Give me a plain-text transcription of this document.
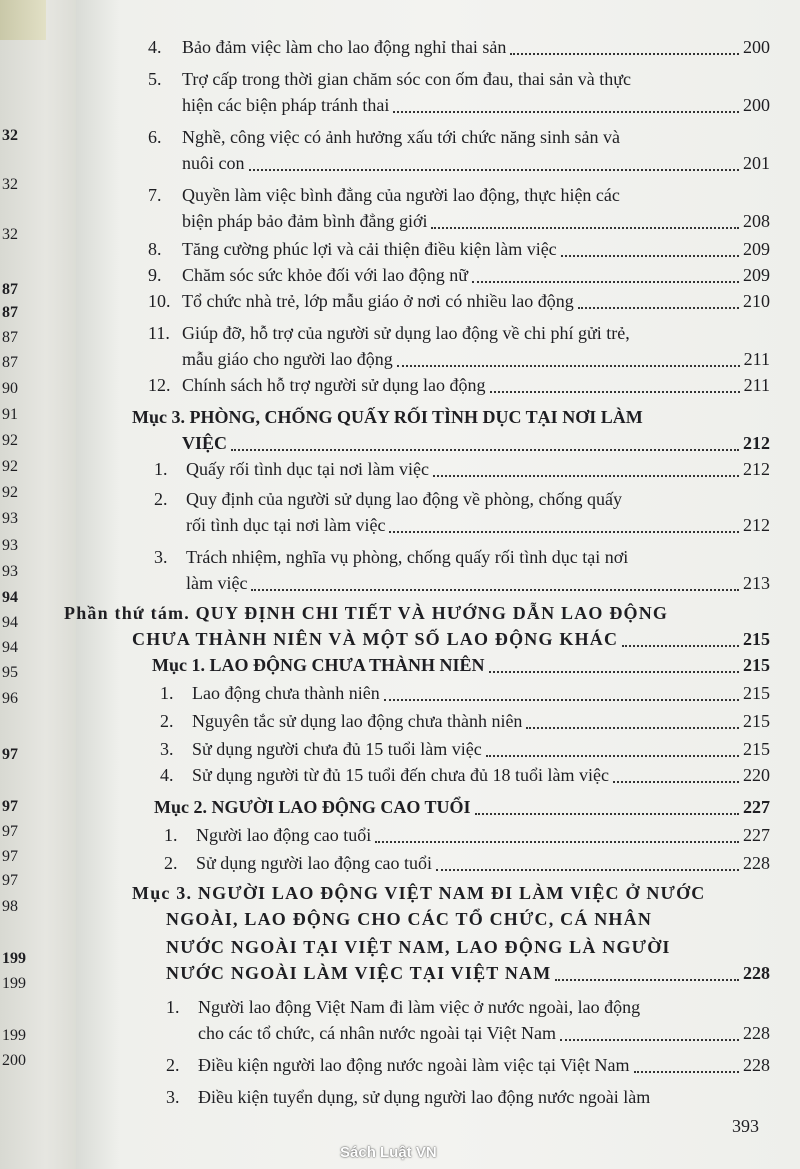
32
32
32
87
87
87
87
90
91
92
92
92
93
93
93
94
94
94
95
96
97
97
97
97
97
98
199
199
199
200
4. Bảo đảm việc làm cho lao động nghỉ thai sản	200
5. Trợ cấp trong thời gian chăm sóc con ốm đau, thai sản và thực
hiện các biện pháp tránh thai	200
6. Nghề, công việc có ảnh hưởng xấu tới chức năng sinh sản và
nuôi con	201
7. Quyền làm việc bình đẳng của người lao động, thực hiện các
biện pháp bảo đảm bình đẳng giới	208
8. Tăng cường phúc lợi và cải thiện điều kiện làm việc	209
9. Chăm sóc sức khỏe đối với lao động nữ	209
10. Tổ chức nhà trẻ, lớp mẫu giáo ở nơi có nhiều lao động	210
11. Giúp đỡ, hỗ trợ của người sử dụng lao động về chi phí gửi trẻ,
mẫu giáo cho người lao động	211
12. Chính sách hỗ trợ người sử dụng lao động	211
Mục 3. PHÒNG, CHỐNG QUẤY RỐI TÌNH DỤC TẠI NƠI LÀM
VIỆC	212
1. Quấy rối tình dục tại nơi làm việc	212
2. Quy định của người sử dụng lao động về phòng, chống quấy
rối tình dục tại nơi làm việc	212
3. Trách nhiệm, nghĩa vụ phòng, chống quấy rối tình dục tại nơi
làm việc	213
Phần thứ tám. QUY ĐỊNH CHI TIẾT VÀ HƯỚNG DẪN LAO ĐỘNG
CHƯA THÀNH NIÊN VÀ MỘT SỐ LAO ĐỘNG KHÁC	215
Mục 1. LAO ĐỘNG CHƯA THÀNH NIÊN	215
1. Lao động chưa thành niên	215
2. Nguyên tắc sử dụng lao động chưa thành niên	215
3. Sử dụng người chưa đủ 15 tuổi làm việc	215
4. Sử dụng người từ đủ 15 tuổi đến chưa đủ 18 tuổi làm việc	220
Mục 2. NGƯỜI LAO ĐỘNG CAO TUỔI	227
1. Người lao động cao tuổi	227
2. Sử dụng người lao động cao tuổi	228
Mục 3. NGƯỜI LAO ĐỘNG VIỆT NAM ĐI LÀM VIỆC Ở NƯỚC
NGOÀI, LAO ĐỘNG CHO CÁC TỔ CHỨC, CÁ NHÂN
NƯỚC NGOÀI TẠI VIỆT NAM, LAO ĐỘNG LÀ NGƯỜI
NƯỚC NGOÀI LÀM VIỆC TẠI VIỆT NAM	228
1. Người lao động Việt Nam đi làm việc ở nước ngoài, lao động
cho các tổ chức, cá nhân nước ngoài tại Việt Nam	228
2. Điều kiện người lao động nước ngoài làm việc tại Việt Nam	228
3. Điều kiện tuyển dụng, sử dụng người lao động nước ngoài làm
393
Sách Luật VN
